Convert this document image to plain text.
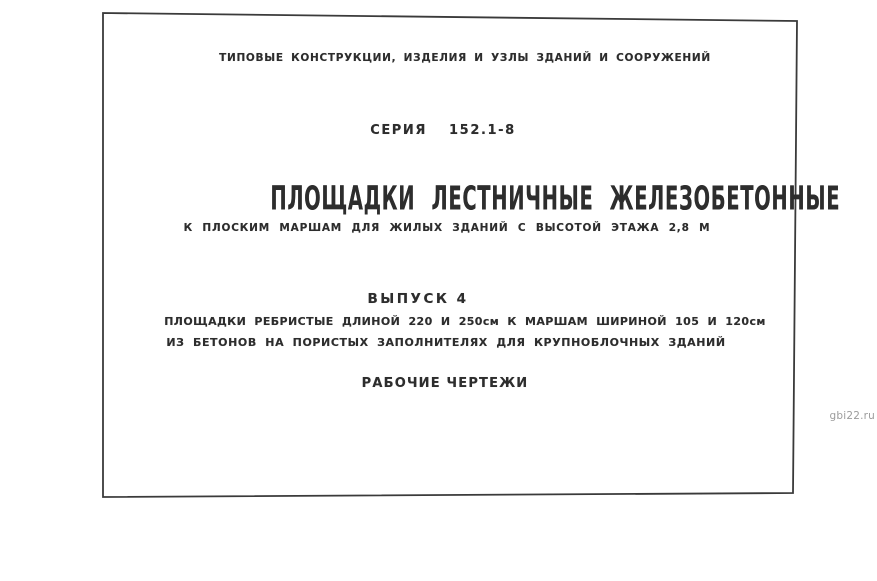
ТИПОВЫЕ КОНСТРУКЦИИ, ИЗДЕЛИЯ И УЗЛЫ ЗДАНИЙ И СООРУЖЕНИЙ
СЕРИЯ 152.1-8
ПЛОЩАДКИ ЛЕСТНИЧНЫЕ ЖЕЛЕЗОБЕТОННЫЕ
К ПЛОСКИМ МАРШАМ ДЛЯ ЖИЛЫХ ЗДАНИЙ С ВЫСОТОЙ ЭТАЖА 2,8 М
ВЫПУСК 4
ПЛОЩАДКИ РЕБРИСТЫЕ ДЛИНОЙ 220 И 250см К МАРШАМ ШИРИНОЙ 105 И 120см
ИЗ БЕТОНОВ НА ПОРИСТЫХ ЗАПОЛНИТЕЛЯХ ДЛЯ КРУПНОБЛОЧНЫХ ЗДАНИЙ
РАБОЧИЕ ЧЕРТЕЖИ
gbi22.ru
